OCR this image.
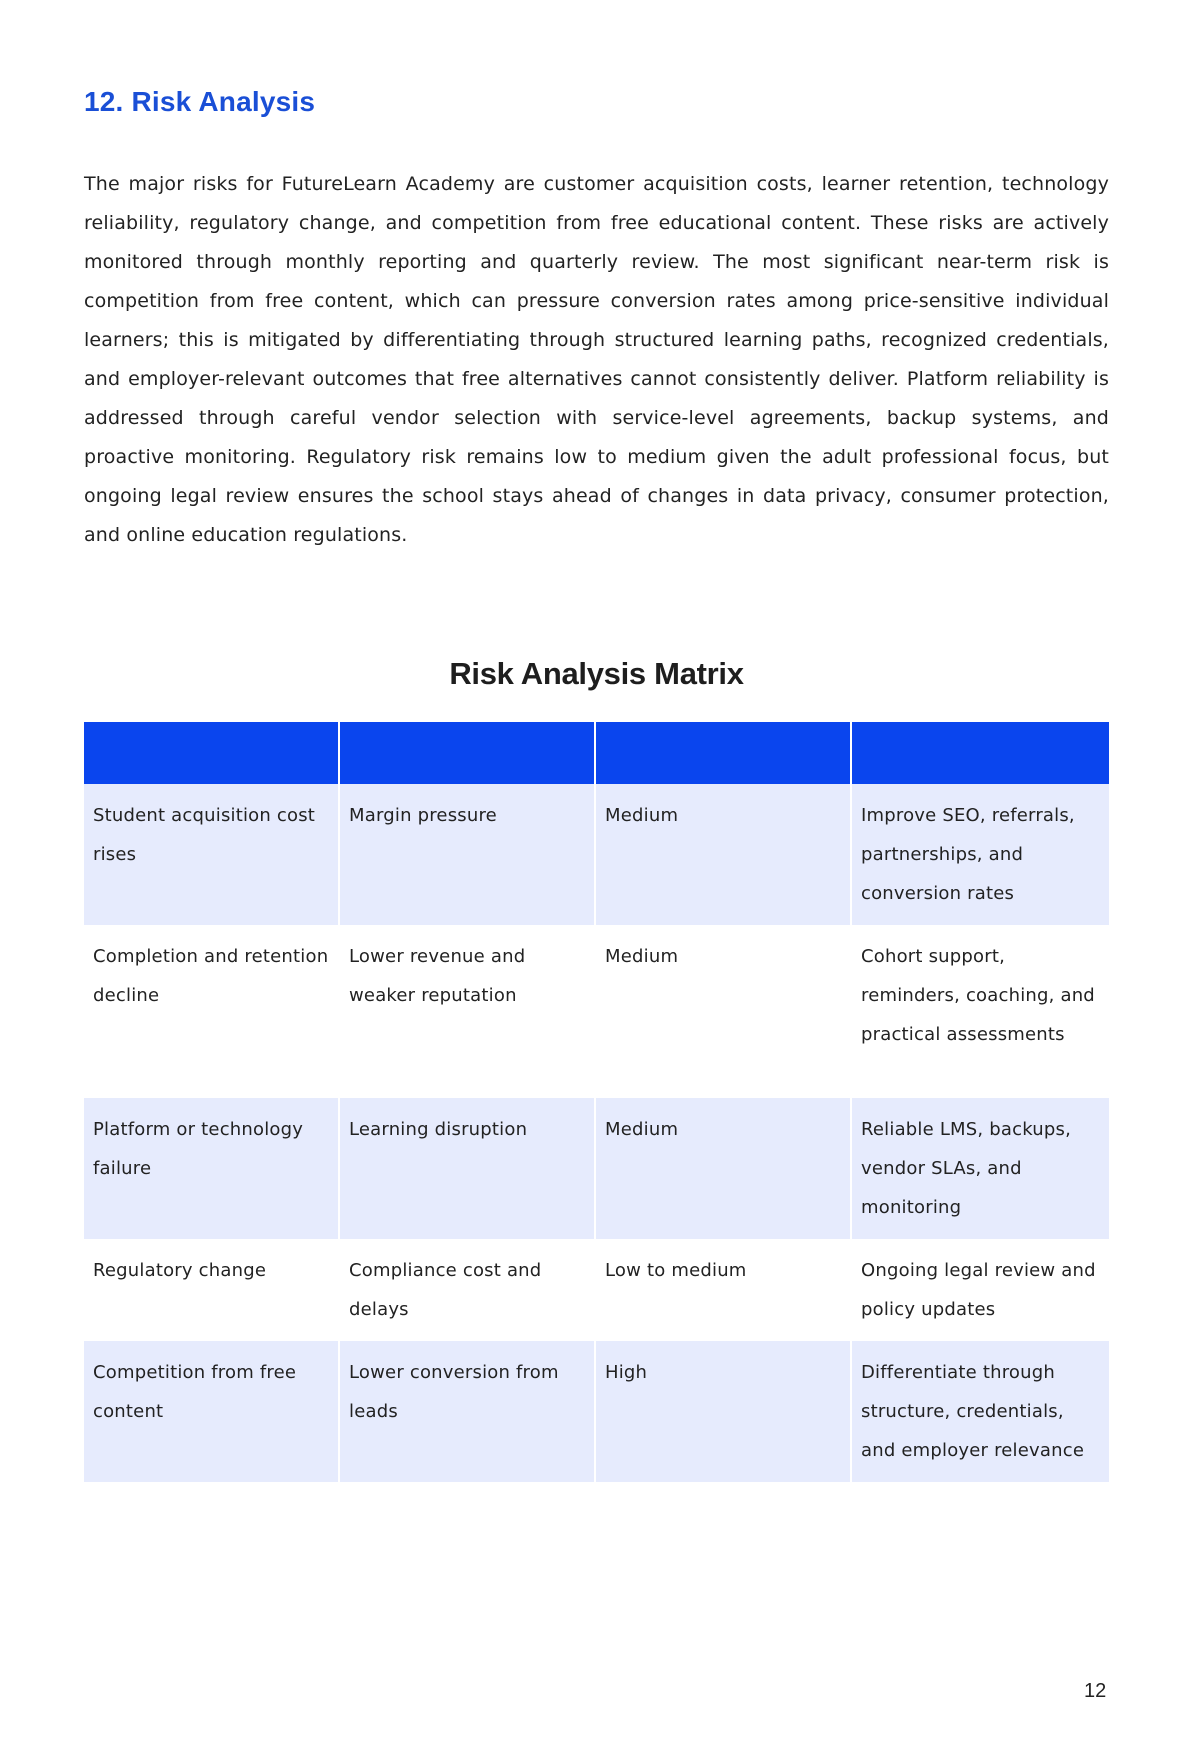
12. Risk Analysis

The major risks for FutureLearn Academy are customer acquisition costs, learner retention, technology reliability, regulatory change, and competition from free educational content. These risks are actively monitored through monthly reporting and quarterly review. The most significant near-term risk is competition from free content, which can pressure conversion rates among price-sensitive individual learners; this is mitigated by differentiating through structured learning paths, recognized credentials, and employer-relevant outcomes that free alternatives cannot consistently deliver. Platform reliability is addressed through careful vendor selection with service-level agreements, backup systems, and proactive monitoring. Regulatory risk remains low to medium given the adult professional focus, but ongoing legal review ensures the school stays ahead of changes in data privacy, consumer protection, and online education regulations.

Risk Analysis Matrix

Student acquisition cost rises	Margin pressure	Medium	Improve SEO, referrals, partnerships, and conversion rates
Completion and retention decline	Lower revenue and weaker reputation	Medium	Cohort support, reminders, coaching, and practical assessments
Platform or technology failure	Learning disruption	Medium	Reliable LMS, backups, vendor SLAs, and monitoring
Regulatory change	Compliance cost and delays	Low to medium	Ongoing legal review and policy updates
Competition from free content	Lower conversion from leads	High	Differentiate through structure, credentials, and employer relevance
12
